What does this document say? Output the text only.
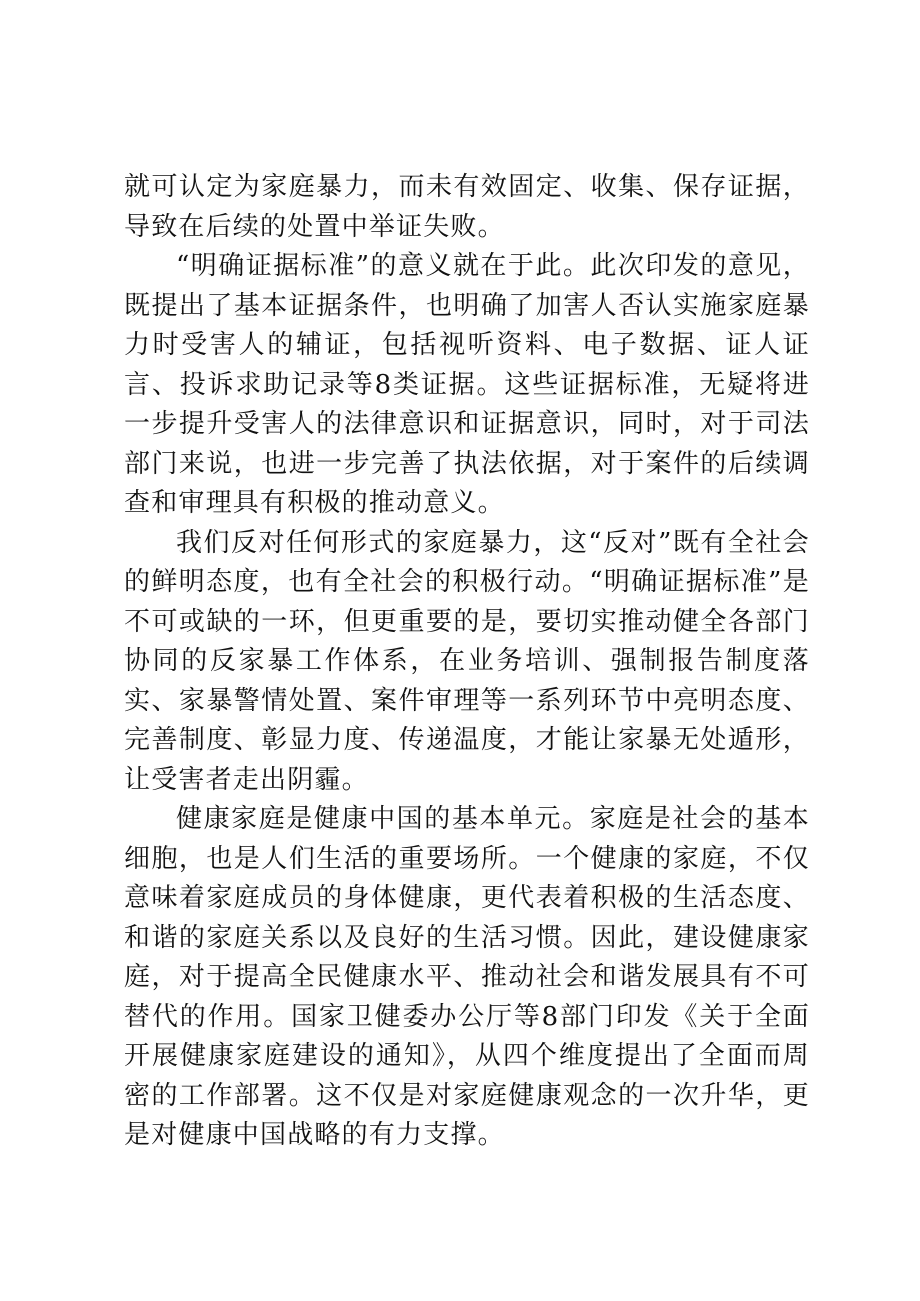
就可认定为家庭暴力，而未有效固定、收集、保存证据，导致在后续的处置中举证失败。

“明确证据标准”的意义就在于此。此次印发的意见，既提出了基本证据条件，也明确了加害人否认实施家庭暴力时受害人的辅证，包括视听资料、电子数据、证人证言、投诉求助记录等8类证据。这些证据标准，无疑将进一步提升受害人的法律意识和证据意识，同时，对于司法部门来说，也进一步完善了执法依据，对于案件的后续调查和审理具有积极的推动意义。

我们反对任何形式的家庭暴力，这“反对”既有全社会的鲜明态度，也有全社会的积极行动。“明确证据标准”是不可或缺的一环，但更重要的是，要切实推动健全各部门协同的反家暴工作体系，在业务培训、强制报告制度落实、家暴警情处置、案件审理等一系列环节中亮明态度、完善制度、彰显力度、传递温度，才能让家暴无处遁形，让受害者走出阴霾。

健康家庭是健康中国的基本单元。家庭是社会的基本细胞，也是人们生活的重要场所。一个健康的家庭，不仅意味着家庭成员的身体健康，更代表着积极的生活态度、和谐的家庭关系以及良好的生活习惯。因此，建设健康家庭，对于提高全民健康水平、推动社会和谐发展具有不可替代的作用。国家卫健委办公厅等8部门印发《关于全面开展健康家庭建设的通知》，从四个维度提出了全面而周密的工作部署。这不仅是对家庭健康观念的一次升华，更是对健康中国战略的有力支撑。
